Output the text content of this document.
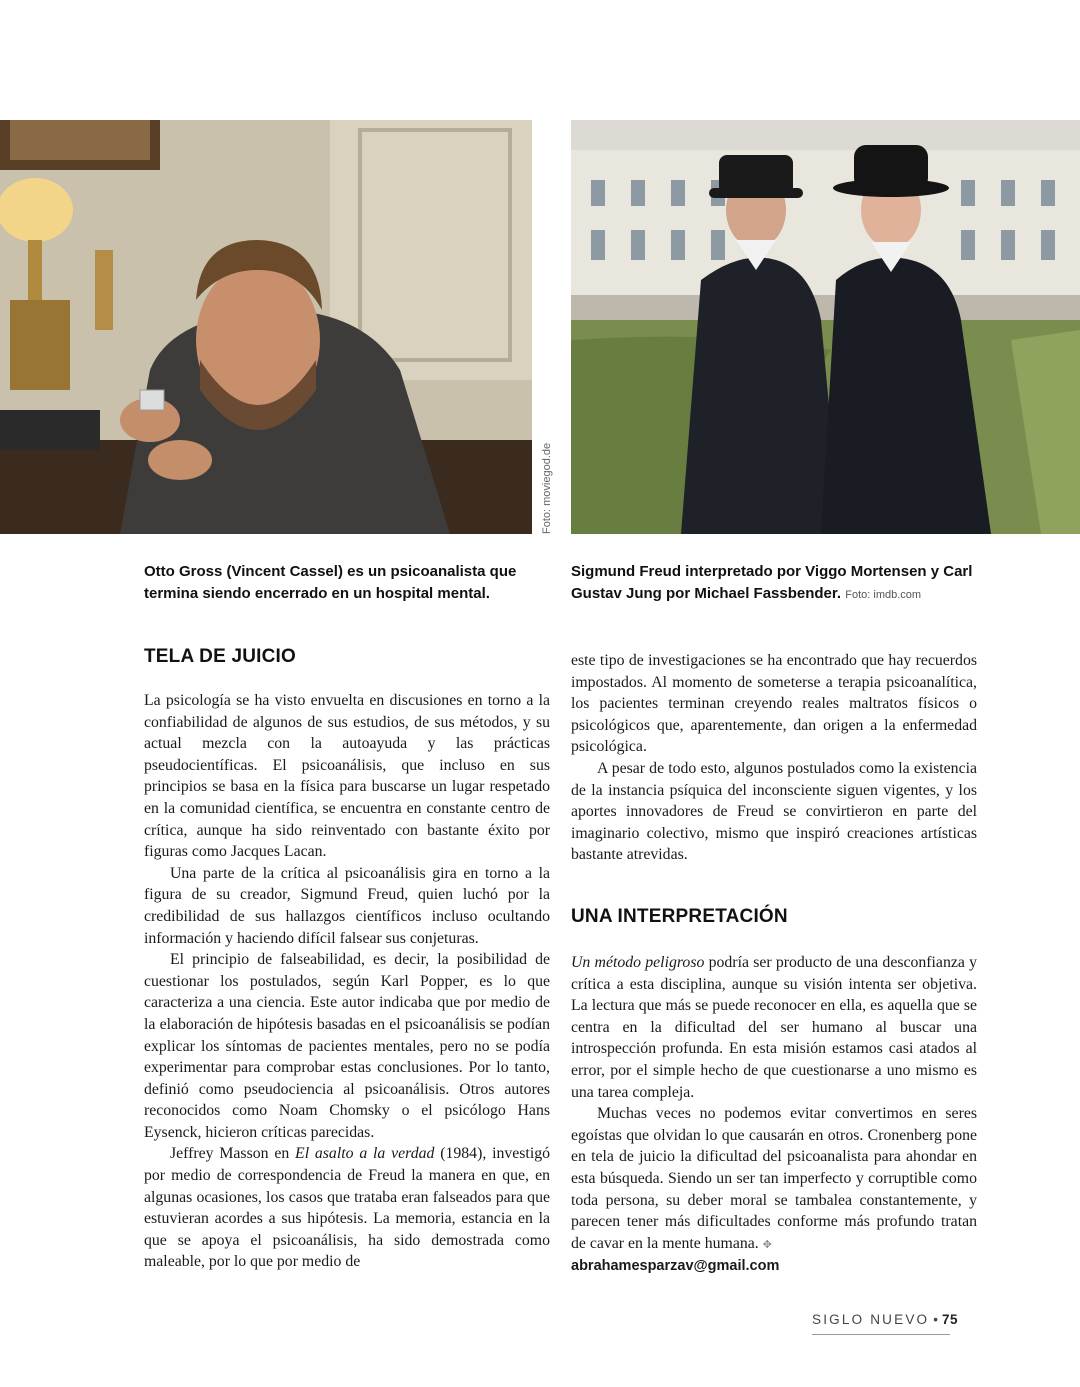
Foto: moviegod.de
Otto Gross (Vincent Cassel) es un psicoanalista que termina siendo encerrado en un hospital mental.
Sigmund Freud interpretado por Viggo Mortensen y Carl Gustav Jung por Michael Fassbender. Foto: imdb.com
TELA DE JUICIO

La psicología se ha visto envuelta en discusiones en torno a la confiabilidad de algunos de sus estudios, de sus métodos, y su actual mezcla con la autoayuda y las prácticas pseudocientíficas. El psicoanálisis, que incluso en sus principios se basa en la física para buscarse un lugar respetado en la comunidad científica, se encuentra en constante centro de crítica, aunque ha sido reinventado con bastante éxito por figuras como Jacques Lacan.

Una parte de la crítica al psicoanálisis gira en torno a la figura de su creador, Sigmund Freud, quien luchó por la credibilidad de sus hallazgos científicos incluso ocultando información y haciendo difícil falsear sus conjeturas.

El principio de falseabilidad, es decir, la posibilidad de cuestionar los postulados, según Karl Popper, es lo que caracteriza a una ciencia. Este autor indicaba que por medio de la elaboración de hipótesis basadas en el psicoanálisis se podían explicar los síntomas de pacientes mentales, pero no se podía experimentar para comprobar estas conclusiones. Por lo tanto, definió como pseudociencia al psicoanálisis. Otros autores reconocidos como Noam Chomsky o el psicólogo Hans Eysenck, hicieron críticas parecidas.

Jeffrey Masson en El asalto a la verdad (1984), investigó por medio de correspondencia de Freud la manera en que, en algunas ocasiones, los casos que trataba eran falseados para que estuvieran acordes a sus hipótesis. La memoria, estancia en la que se apoya el psicoanálisis, ha sido demostrada como maleable, por lo que por medio de

este tipo de investigaciones se ha encontrado que hay recuerdos impostados. Al momento de someterse a terapia psicoanalítica, los pacientes terminan creyendo reales maltratos físicos o psicológicos que, aparentemente, dan origen a la enfermedad psicológica.

A pesar de todo esto, algunos postulados como la existencia de la instancia psíquica del inconsciente siguen vigentes, y los aportes innovadores de Freud se convirtieron en parte del imaginario colectivo, mismo que inspiró creaciones artísticas bastante atrevidas.

UNA INTERPRETACIÓN

Un método peligroso podría ser producto de una desconfianza y crítica a esta disciplina, aunque su visión intenta ser objetiva. La lectura que más se puede reconocer en ella, es aquella que se centra en la dificultad del ser humano al buscar una introspección profunda. En esta misión estamos casi atados al error, por el simple hecho de que cuestionarse a uno mismo es una tarea compleja.

Muchas veces no podemos evitar convertimos en seres egoístas que olvidan lo que causarán en otros. Cronenberg pone en tela de juicio la dificultad del psicoanalista para ahondar en esta búsqueda. Siendo un ser tan imperfecto y corruptible como toda persona, su deber moral se tambalea constantemente, y parecen tener más dificultades conforme más profundo tratan de cavar en la mente humana. ✥

abrahamesparzav@gmail.com

SIGLO NUEVO • 75
